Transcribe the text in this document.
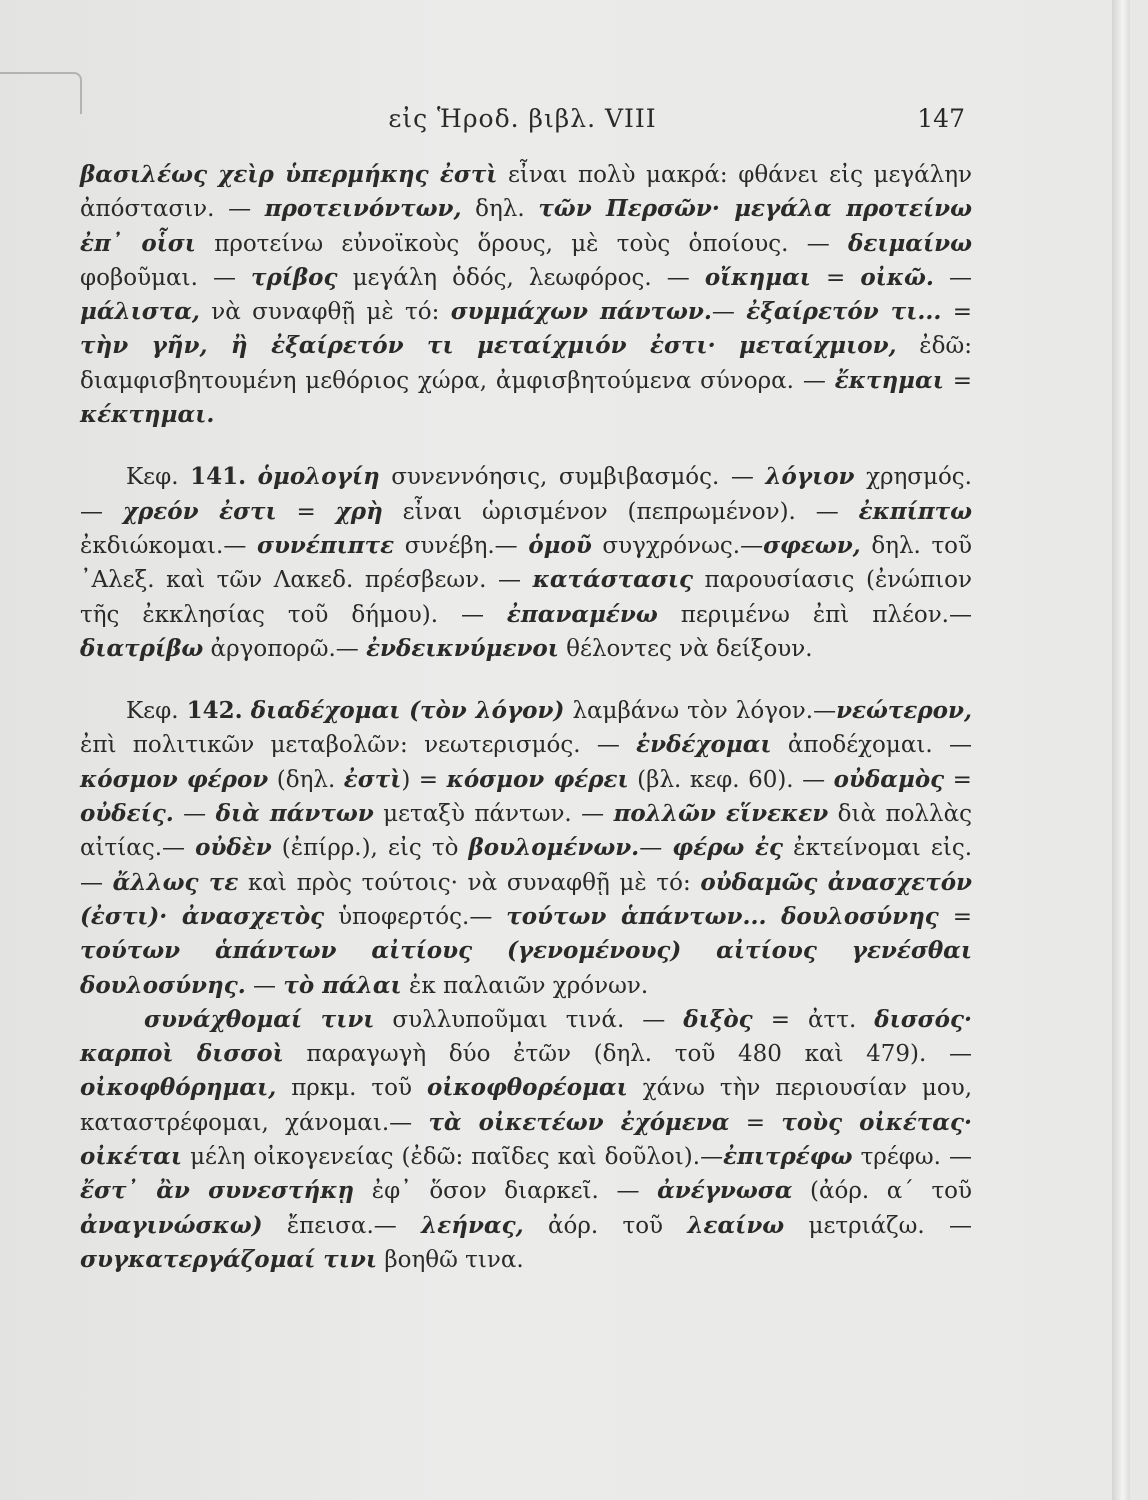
εἰς Ἡροδ. βιβλ. VIII	147

βασιλέως χεὶρ ὑπερμήκης ἐστὶ εἶναι πολὺ μακρά: φθάνει εἰς μεγάλην ἀπόστασιν. — προτεινόντων, δηλ. τῶν Περσῶν· μεγάλα προτείνω ἐπ᾽ οἷσι προτείνω εὐνοϊκοὺς ὅρους, μὲ τοὺς ὁποίους. — δειμαίνω φοβοῦμαι. — τρίβος μεγάλη ὁδός, λεωφόρος. — οἴκημαι = οἰκῶ. — μάλιστα, νὰ συναφθῇ μὲ τό: συμμάχων πάντων.— ἐξαίρετόν τι... = τὴν γῆν, ἢ ἐξαίρετόν τι μεταίχμιόν ἐστι· μεταίχμιον, ἐδῶ: διαμφισβητουμένη μεθόριος χώρα, ἀμφισβητούμενα σύνορα. — ἔκτημαι = κέκτημαι.

Κεφ. 141. ὁμολογίη συνεννόησις, συμβιβασμός. — λόγιον χρησμός. — χρεόν ἐστι = χρὴ εἶναι ὡρισμένον (πεπρωμένον). — ἐκπίπτω ἐκδιώκομαι.— συνέπιπτε συνέβη.— ὁμοῦ συγχρόνως.—σφεων, δηλ. τοῦ ᾿Αλεξ. καὶ τῶν Λακεδ. πρέσβεων. — κατάστασις παρουσίασις (ἐνώπιον τῆς ἐκκλησίας τοῦ δήμου). — ἐπαναμένω περιμένω ἐπὶ πλέον.— διατρίβω ἀργοπορῶ.— ἐνδεικνύμενοι θέλοντες νὰ δείξουν.

Κεφ. 142. διαδέχομαι (τὸν λόγον) λαμβάνω τὸν λόγον.—νεώτερον, ἐπὶ πολιτικῶν μεταβολῶν: νεωτερισμός. — ἐνδέχομαι ἀποδέχομαι. — κόσμον φέρον (δηλ. ἐστὶ) = κόσμον φέρει (βλ. κεφ. 60). — οὐδαμὸς = οὐδείς. — διὰ πάντων μεταξὺ πάντων. — πολλῶν εἵνεκεν διὰ πολλὰς αἰτίας.— οὐδὲν (ἐπίρρ.), εἰς τὸ βουλομένων.— φέρω ἐς ἐκτείνομαι εἰς. — ἄλλως τε καὶ πρὸς τούτοις· νὰ συναφθῇ μὲ τό: οὐδαμῶς ἀνασχετόν (ἐστι)· ἀνασχετὸς ὑποφερτός.— τούτων ἁπάντων... δουλοσύνης = τούτων ἁπάντων αἰτίους (γενομένους) αἰτίους γενέσθαι δουλοσύνης. — τὸ πάλαι ἐκ παλαιῶν χρόνων.

συνάχθομαί τινι συλλυποῦμαι τινά. — διξὸς = ἀττ. δισσός· καρποὶ δισσοὶ παραγωγὴ δύο ἐτῶν (δηλ. τοῦ 480 καὶ 479). — οἰκοφθόρημαι, πρκμ. τοῦ οἰκοφθορέομαι χάνω τὴν περιουσίαν μου, καταστρέφομαι, χάνομαι.— τὰ οἰκετέων ἐχόμενα = τοὺς οἰκέτας· οἰκέται μέλη οἰκογενείας (ἐδῶ: παῖδες καὶ δοῦλοι).—ἐπιτρέφω τρέφω. — ἔστ᾽ ἂν συνεστήκῃ ἐφ᾽ ὅσον διαρκεῖ. — ἀνέγνωσα (ἀόρ. α΄ τοῦ ἀναγινώσκω) ἔπεισα.— λεήνας, ἀόρ. τοῦ λεαίνω μετριάζω. — συγκατεργάζομαί τινι βοηθῶ τινα.
